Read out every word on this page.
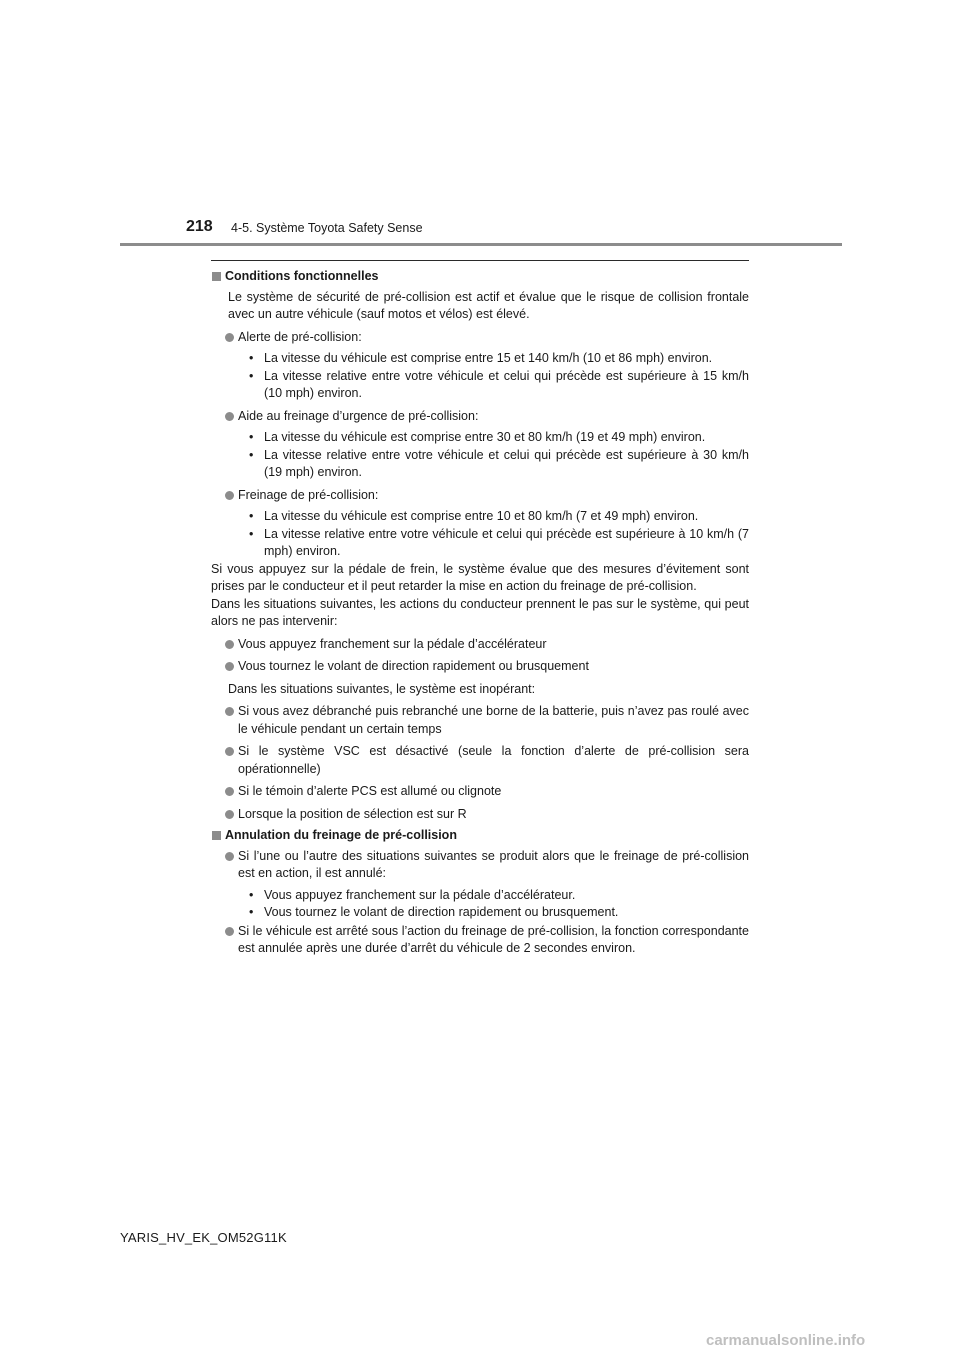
218 4-5. Système Toyota Safety Sense
Conditions fonctionnelles
Le système de sécurité de pré-collision est actif et évalue que le risque de collision frontale avec un autre véhicule (sauf motos et vélos) est élevé.
Alerte de pré-collision:
• La vitesse du véhicule est comprise entre 15 et 140 km/h (10 et 86 mph) environ.
• La vitesse relative entre votre véhicule et celui qui précède est supérieure à 15 km/h (10 mph) environ.
Aide au freinage d’urgence de pré-collision:
• La vitesse du véhicule est comprise entre 30 et 80 km/h (19 et 49 mph) environ.
• La vitesse relative entre votre véhicule et celui qui précède est supérieure à 30 km/h (19 mph) environ.
Freinage de pré-collision:
• La vitesse du véhicule est comprise entre 10 et 80 km/h (7 et 49 mph) environ.
• La vitesse relative entre votre véhicule et celui qui précède est supérieure à 10 km/h (7 mph) environ.
Si vous appuyez sur la pédale de frein, le système évalue que des mesures d’évitement sont prises par le conducteur et il peut retarder la mise en action du freinage de pré-collision.
Dans les situations suivantes, les actions du conducteur prennent le pas sur le système, qui peut alors ne pas intervenir:
Vous appuyez franchement sur la pédale d’accélérateur
Vous tournez le volant de direction rapidement ou brusquement
Dans les situations suivantes, le système est inopérant:
Si vous avez débranché puis rebranché une borne de la batterie, puis n’avez pas roulé avec le véhicule pendant un certain temps
Si le système VSC est désactivé (seule la fonction d’alerte de pré-collision sera opérationnelle)
Si le témoin d’alerte PCS est allumé ou clignote
Lorsque la position de sélection est sur R
Annulation du freinage de pré-collision
Si l’une ou l’autre des situations suivantes se produit alors que le freinage de pré-collision est en action, il est annulé:
• Vous appuyez franchement sur la pédale d’accélérateur.
• Vous tournez le volant de direction rapidement ou brusquement.
Si le véhicule est arrêté sous l’action du freinage de pré-collision, la fonction correspondante est annulée après une durée d’arrêt du véhicule de 2 secondes environ.
YARIS_HV_EK_OM52G11K
carmanualsonline.info
